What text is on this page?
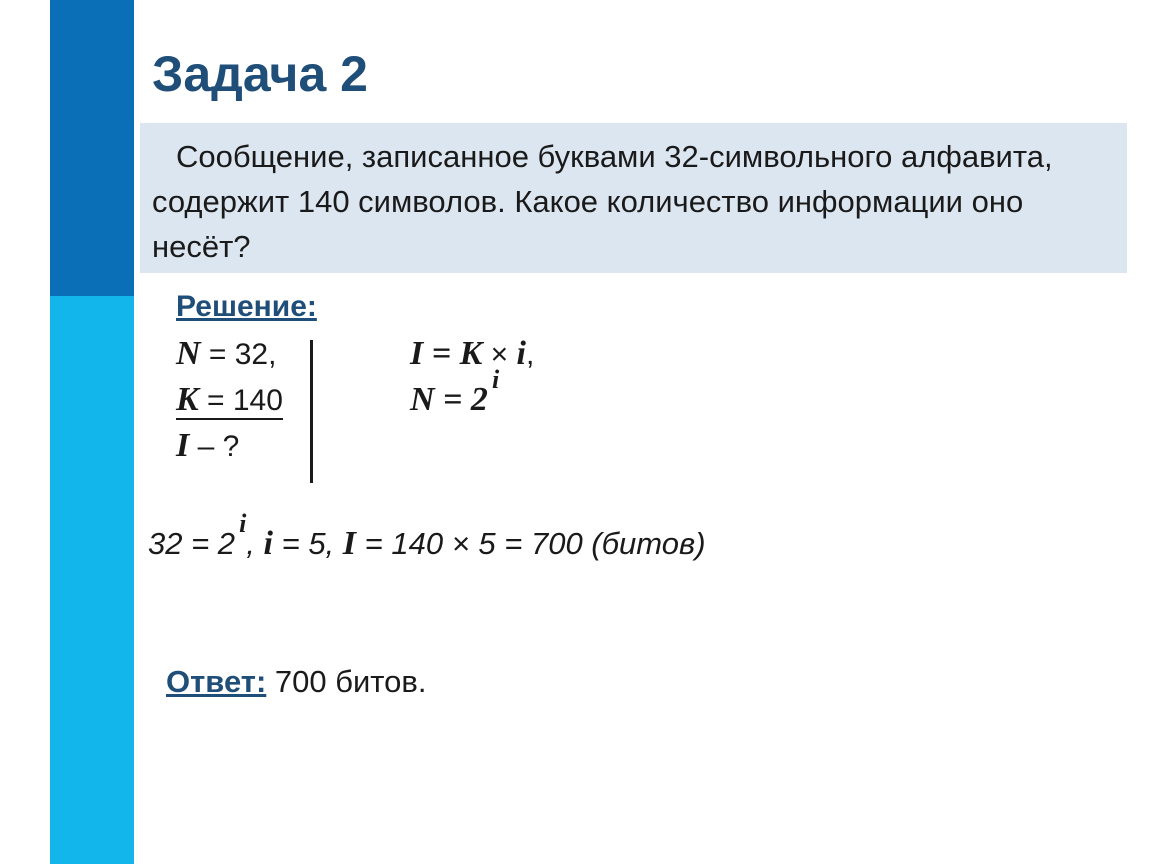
Задача 2
Сообщение, записанное буквами 32-символьного алфавита, содержит 140 символов. Какое количество информации оно несёт?
Решение:
N = 32,
K = 140
I – ?
I = K × i,
$N = 2^i$
$32 = 2^i$, i = 5, I = 140 × 5 = 700 (битов)
Ответ: 700 битов.
